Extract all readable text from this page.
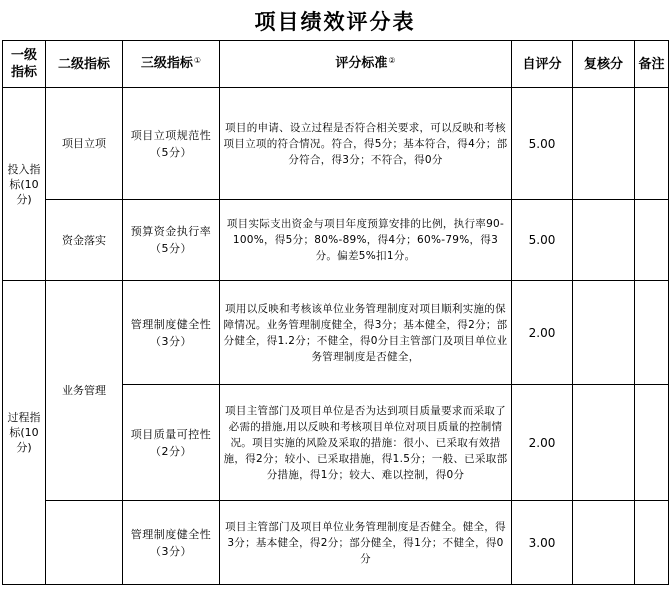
项目绩效评分表
一级指标	二级指标	三级指标①	评分标准②	自评分	复核分	备注
投入指标(10分)	项目立项	项目立项规范性（5分）	项目的申请、设立过程是否符合相关要求，可以反映和考核项目立项的符合情况。符合，得5分；基本符合，得4分；部分符合，得3分；不符合，得0分	5.00		
	资金落实	预算资金执行率（5分）	项目实际支出资金与项目年度预算安排的比例，执行率90-100%，得5分；80%-89%，得4分；60%-79%，得3分。偏差5%扣1分。	5.00		
过程指标(10分)	业务管理	管理制度健全性（3分）	项用以反映和考核该单位业务管理制度对项目顺利实施的保障情况。业务管理制度健全，得3分；基本健全，得2分；部分健全，得1.2分；不健全，得0分目主管部门及项目单位业务管理制度是否健全，	2.00		
		项目质量可控性（2分）	项目主管部门及项目单位是否为达到项目质量要求而采取了必需的措施,用以反映和考核项目单位对项目质量的控制情况。项目实施的风险及采取的措施：很小、已采取有效措施，得2分；较小、已采取措施，得1.5分；一般、已采取部分措施，得1分；较大、难以控制，得0分	2.00		
		管理制度健全性（3分）	项目主管部门及项目单位业务管理制度是否健全。健全，得3分；基本健全，得2分；部分健全，得1分；不健全，得0分	3.00		
